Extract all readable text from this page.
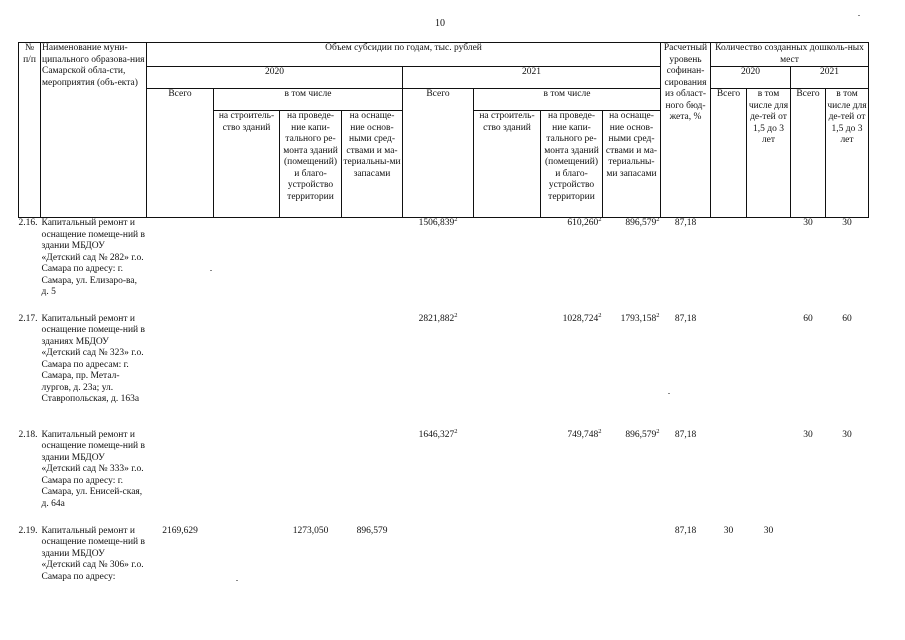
10
№ п/п	Наименование муни-ципального образова-ния Самарской обла-сти, мероприятия (объ-екта)	Объем субсидии по годам, тыс. рублей								Расчетный уровень софинан-сирования из област-ного бюд-жета, %	Количество созданных дошколь-ных мест			
		2020				2021					2020		2021	
		Всего	в том числе			Всего	в том числе				Всего	в том числе для де-тей от 1,5 до 3 лет	Всего	в том числе для де-тей от 1,5 до 3 лет
			на строитель-ство зданий	на проведе-ние капи-тального ре-монта зданий (помещений) и благо-устройство территории	на оснаще-ние основ-ными сред-ствами и ма-териальны-ми запасами		на строитель-ство зданий	на проведе-ние капи-тального ре-монта зданий (помещений) и благо-устройство территории	на оснаще-ние основ-ными сред-ствами и ма-териальны-ми запасами					
2.16.	Капитальный ремонт и оснащение помеще-ний в здании МБДОУ «Детский сад № 282» г.о. Самара по адресу: г. Самара, ул. Елизаро-ва, д. 5					1506,839$^2$		610,260$^2$	896,579$^2$	87,18			30	30
2.17.	Капитальный ремонт и оснащение помеще-ний в зданиях МБДОУ «Детский сад № 323» г.о. Самара по адресам: г. Самара, пр. Метал-лургов, д. 23а; ул. Ставропольская, д. 163а					2821,882$^2$		1028,724$^2$	1793,158$^2$	87,18			60	60
2.18.	Капитальный ремонт и оснащение помеще-ний в здании МБДОУ «Детский сад № 333» г.о. Самара по адресу: г. Самара, ул. Енисей-ская, д. 64а					1646,327$^2$		749,748$^2$	896,579$^2$	87,18			30	30
2.19.	Капитальный ремонт и оснащение помеще-ний в здании МБДОУ «Детский сад № 306» г.о. Самара по адресу:	2169,629		1273,050	896,579					87,18	30	30		
